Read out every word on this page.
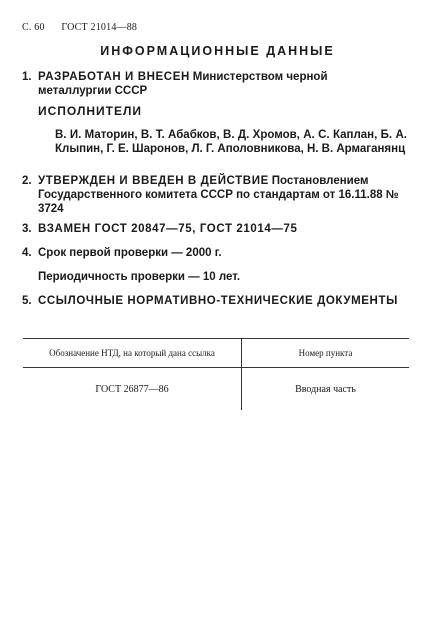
С. 60 ГОСТ 21014—88
ИНФОРМАЦИОННЫЕ ДАННЫЕ
1. РАЗРАБОТАН И ВНЕСЕН Министерством черной металлургии СССР
ИСПОЛНИТЕЛИ
В. И. Маторин, В. Т. Абабков, В. Д. Хромов, А. С. Каплан, Б. А. Клыпин, Г. Е. Шаронов, Л. Г. Аполовникова, Н. В. Армаганянц
2. УТВЕРЖДЕН И ВВЕДЕН В ДЕЙСТВИЕ Постановлением Государственного комитета СССР по стандартам от 16.11.88 № 3724
3. ВЗАМЕН ГОСТ 20847—75, ГОСТ 21014—75
4. Срок первой проверки — 2000 г.
Периодичность проверки — 10 лет.
5. ССЫЛОЧНЫЕ НОРМАТИВНО-ТЕХНИЧЕСКИЕ ДОКУМЕНТЫ
Обозначение НТД, на который дана ссылка	Номер пункта
ГОСТ 26877—86	Вводная часть
